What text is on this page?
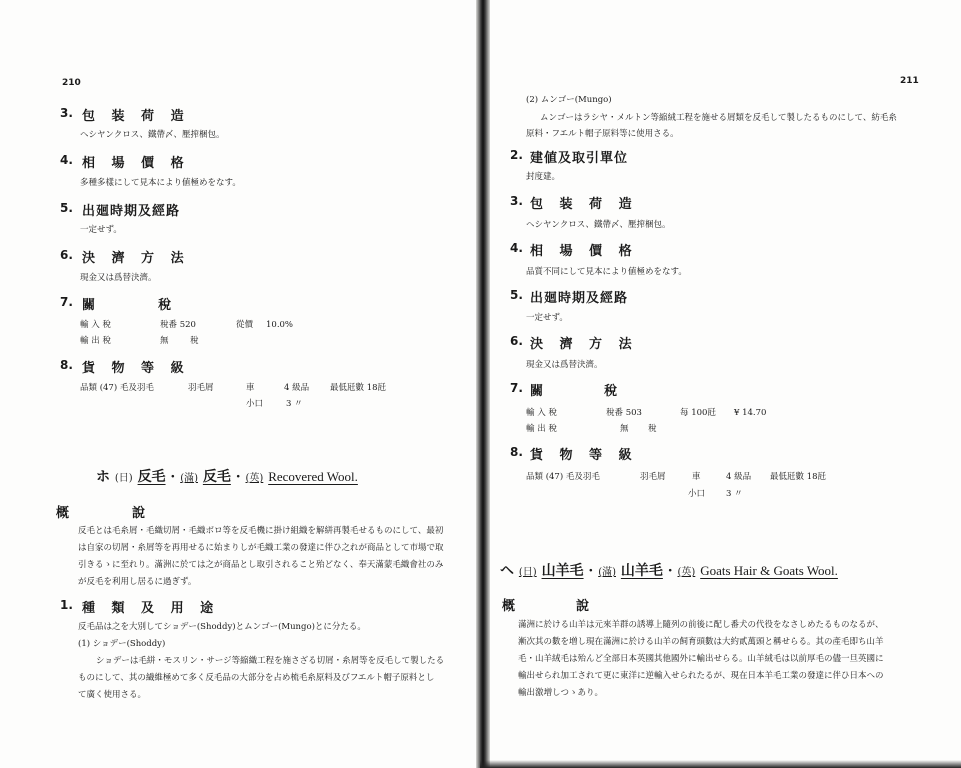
210
3. 包 装 荷 造
ヘシヤンクロス、鐵帶〆、壓搾梱包。
4. 相 場 價 格
多種多樣にして見本により値極めをなす。
5. 出廻時期及經路
一定せず。
6. 決 濟 方 法
現金又は爲替決濟。
7. 關	稅
輸 入 稅	稅番 520	從價 10.0%
輸 出 稅	無	稅
8. 貨 物 等 級
品類 (47) 毛及羽毛	羽毛屑	車	4 級品 最低瓩數 18瓩
小口	3 〃
ホ (日) 反毛 · (滿) 反毛 · (英) Recovered Wool.
概	說
反毛とは毛糸屑・毛織切屑・毛織ボロ等を反毛機に掛け組織を解絣再製毛せるものにして、最初
は自家の切屑・糸屑等を再用せるに始まりしが毛織工業の發達に伴ひ之れが商品として市場で取
引きるゝに至れり。滿洲に於ては之が商品とし取引されること殆どなく、奉天滿蒙毛織會社のみ
が反毛を利用し居るに過ぎず。
1. 種 類 及 用 途
反毛品は之を大別してショデー(Shoddy)とムンゴー(Mungo)とに分たる。
(1) ショデー(Shoddy)
ショデーは毛絣・モスリン・サージ等縮織工程を施さざる切屑・糸屑等を反毛して製したる
ものにして、其の繊維極めて多く反毛品の大部分を占め梳毛糸原料及びフエルト帽子原料とし
て廣く使用さる。
211
(2) ムンゴー(Mungo)
ムンゴーはラシヤ・メルトン等縮絨工程を施せる屑類を反毛して製したるものにして、紡毛糸
原料・フエルト帽子原料等に使用さる。
2. 建値及取引單位
封度建。
3. 包 装 荷 造
ヘシヤンクロス、鐵帶〆、壓搾梱包。
4. 相 場 價 格
品質不同にして見本により値極めをなす。
5. 出廻時期及經路
一定せず。
6. 決 濟 方 法
現金又は爲替決濟。
7. 關	稅
輸 入 稅	稅番 503	每 100瓩 ¥ 14.70
輸 出 稅	無 稅
8. 貨 物 等 級
品類 (47) 毛及羽毛	羽毛屑	車	4 級品 最低瓩數 18瓩
小口 3 〃
ヘ (日) 山羊毛 · (滿) 山羊毛 · (英) Goats Hair & Goats Wool.
概	說
滿洲に於ける山羊は元來羊群の誘導上隨列の前後に配し番犬の代役をなさしめたるものなるが、
漸次其の數を増し現在滿洲に於ける山羊の飼育頭數は大約貳萬頭と稱せらる。其の產毛即ち山羊
毛・山羊絨毛は殆んど全部日本英國其他國外に輸出せらる。山羊絨毛は以前厚毛の儘一旦英國に
輸出せられ加工されて更に東洋に逆輸入せられたるが、現在日本羊毛工業の發達に伴ひ日本への
輸出激増しつゝあり。
